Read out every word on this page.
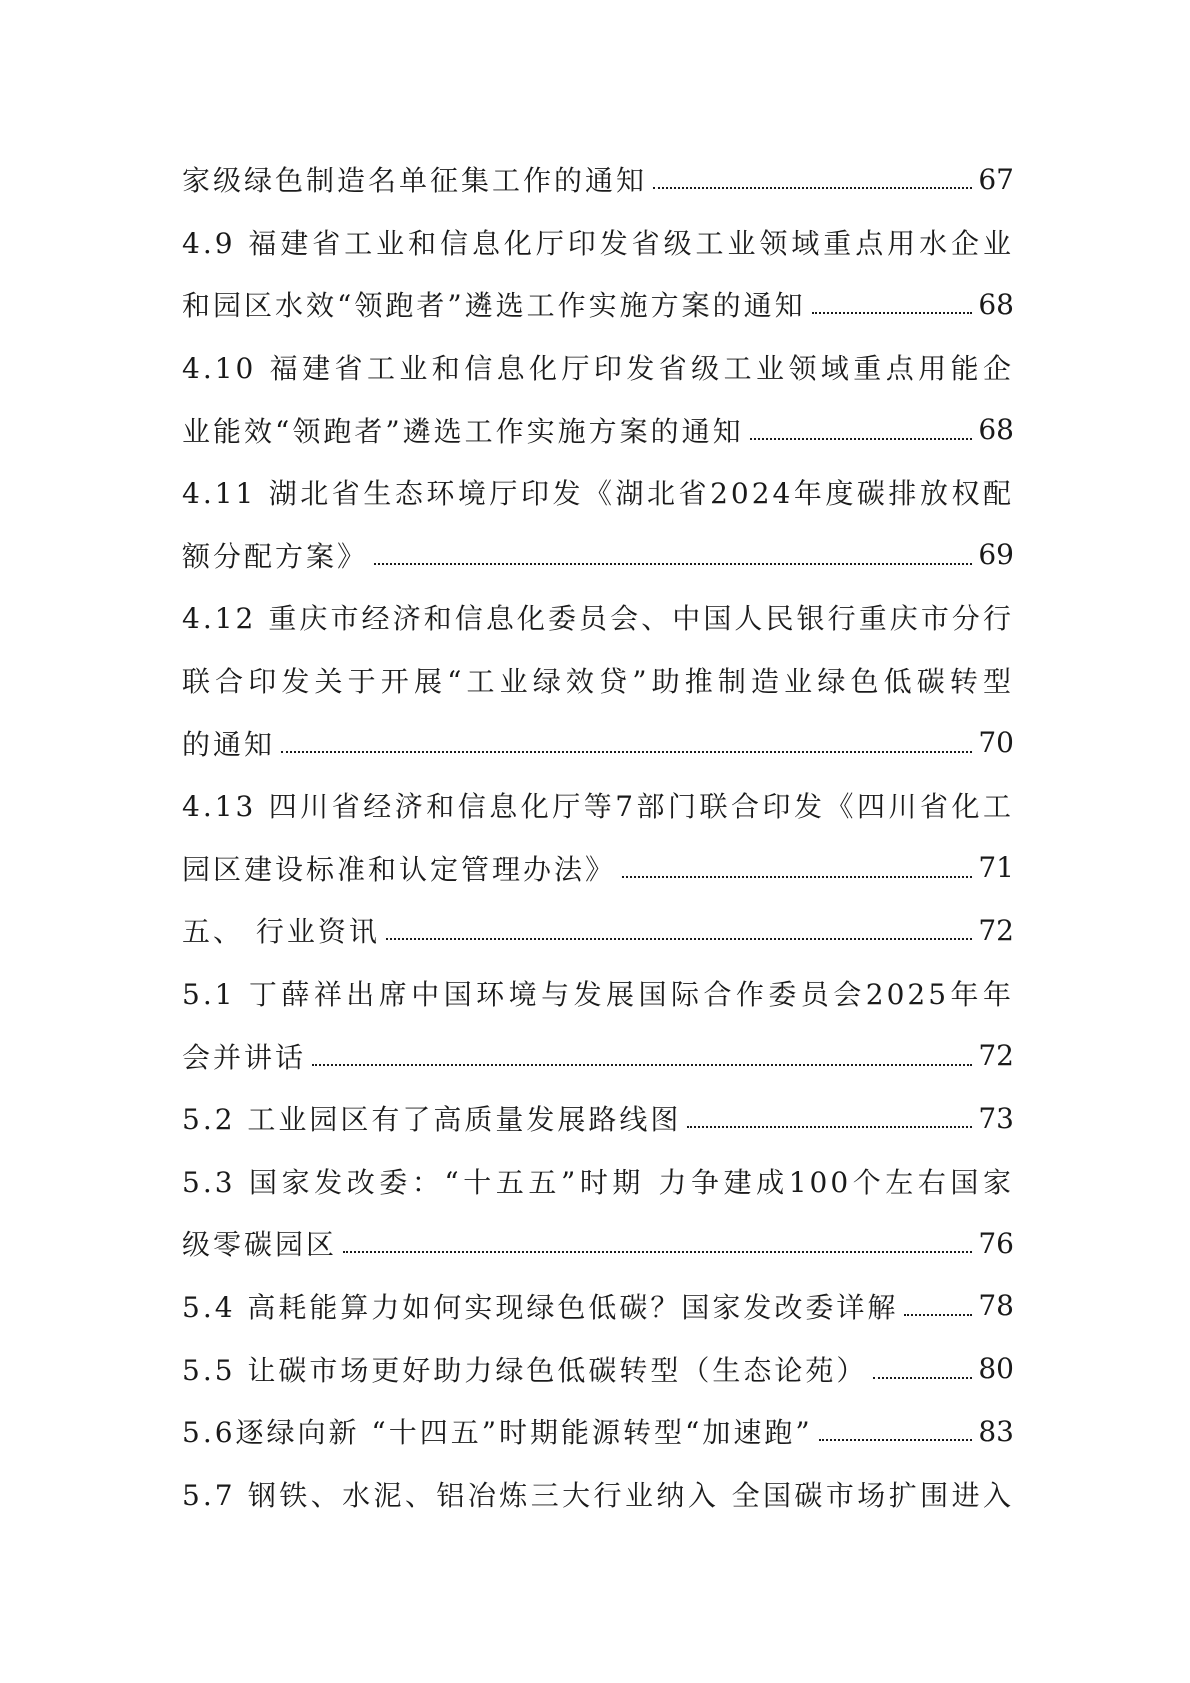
家级绿色制造名单征集工作的通知	67
4.9 福建省工业和信息化厅印发省级工业领域重点用水企业
和园区水效“领跑者”遴选工作实施方案的通知	68
4.10 福建省工业和信息化厅印发省级工业领域重点用能企
业能效“领跑者”遴选工作实施方案的通知	68
4.11 湖北省生态环境厅印发《湖北省2024年度碳排放权配
额分配方案》	69
4.12 重庆市经济和信息化委员会、中国人民银行重庆市分行
联合印发关于开展“工业绿效贷”助推制造业绿色低碳转型
的通知	70
4.13 四川省经济和信息化厅等7部门联合印发《四川省化工
园区建设标准和认定管理办法》	71
五、 行业资讯	72
5.1 丁薛祥出席中国环境与发展国际合作委员会2025年年
会并讲话	72
5.2 工业园区有了高质量发展路线图	73
5.3 国家发改委：“十五五”时期 力争建成100个左右国家
级零碳园区	76
5.4 高耗能算力如何实现绿色低碳？国家发改委详解	78
5.5 让碳市场更好助力绿色低碳转型（生态论苑）	80
5.6逐绿向新 “十四五”时期能源转型“加速跑”	83
5.7 钢铁、水泥、铝冶炼三大行业纳入 全国碳市场扩围进入
